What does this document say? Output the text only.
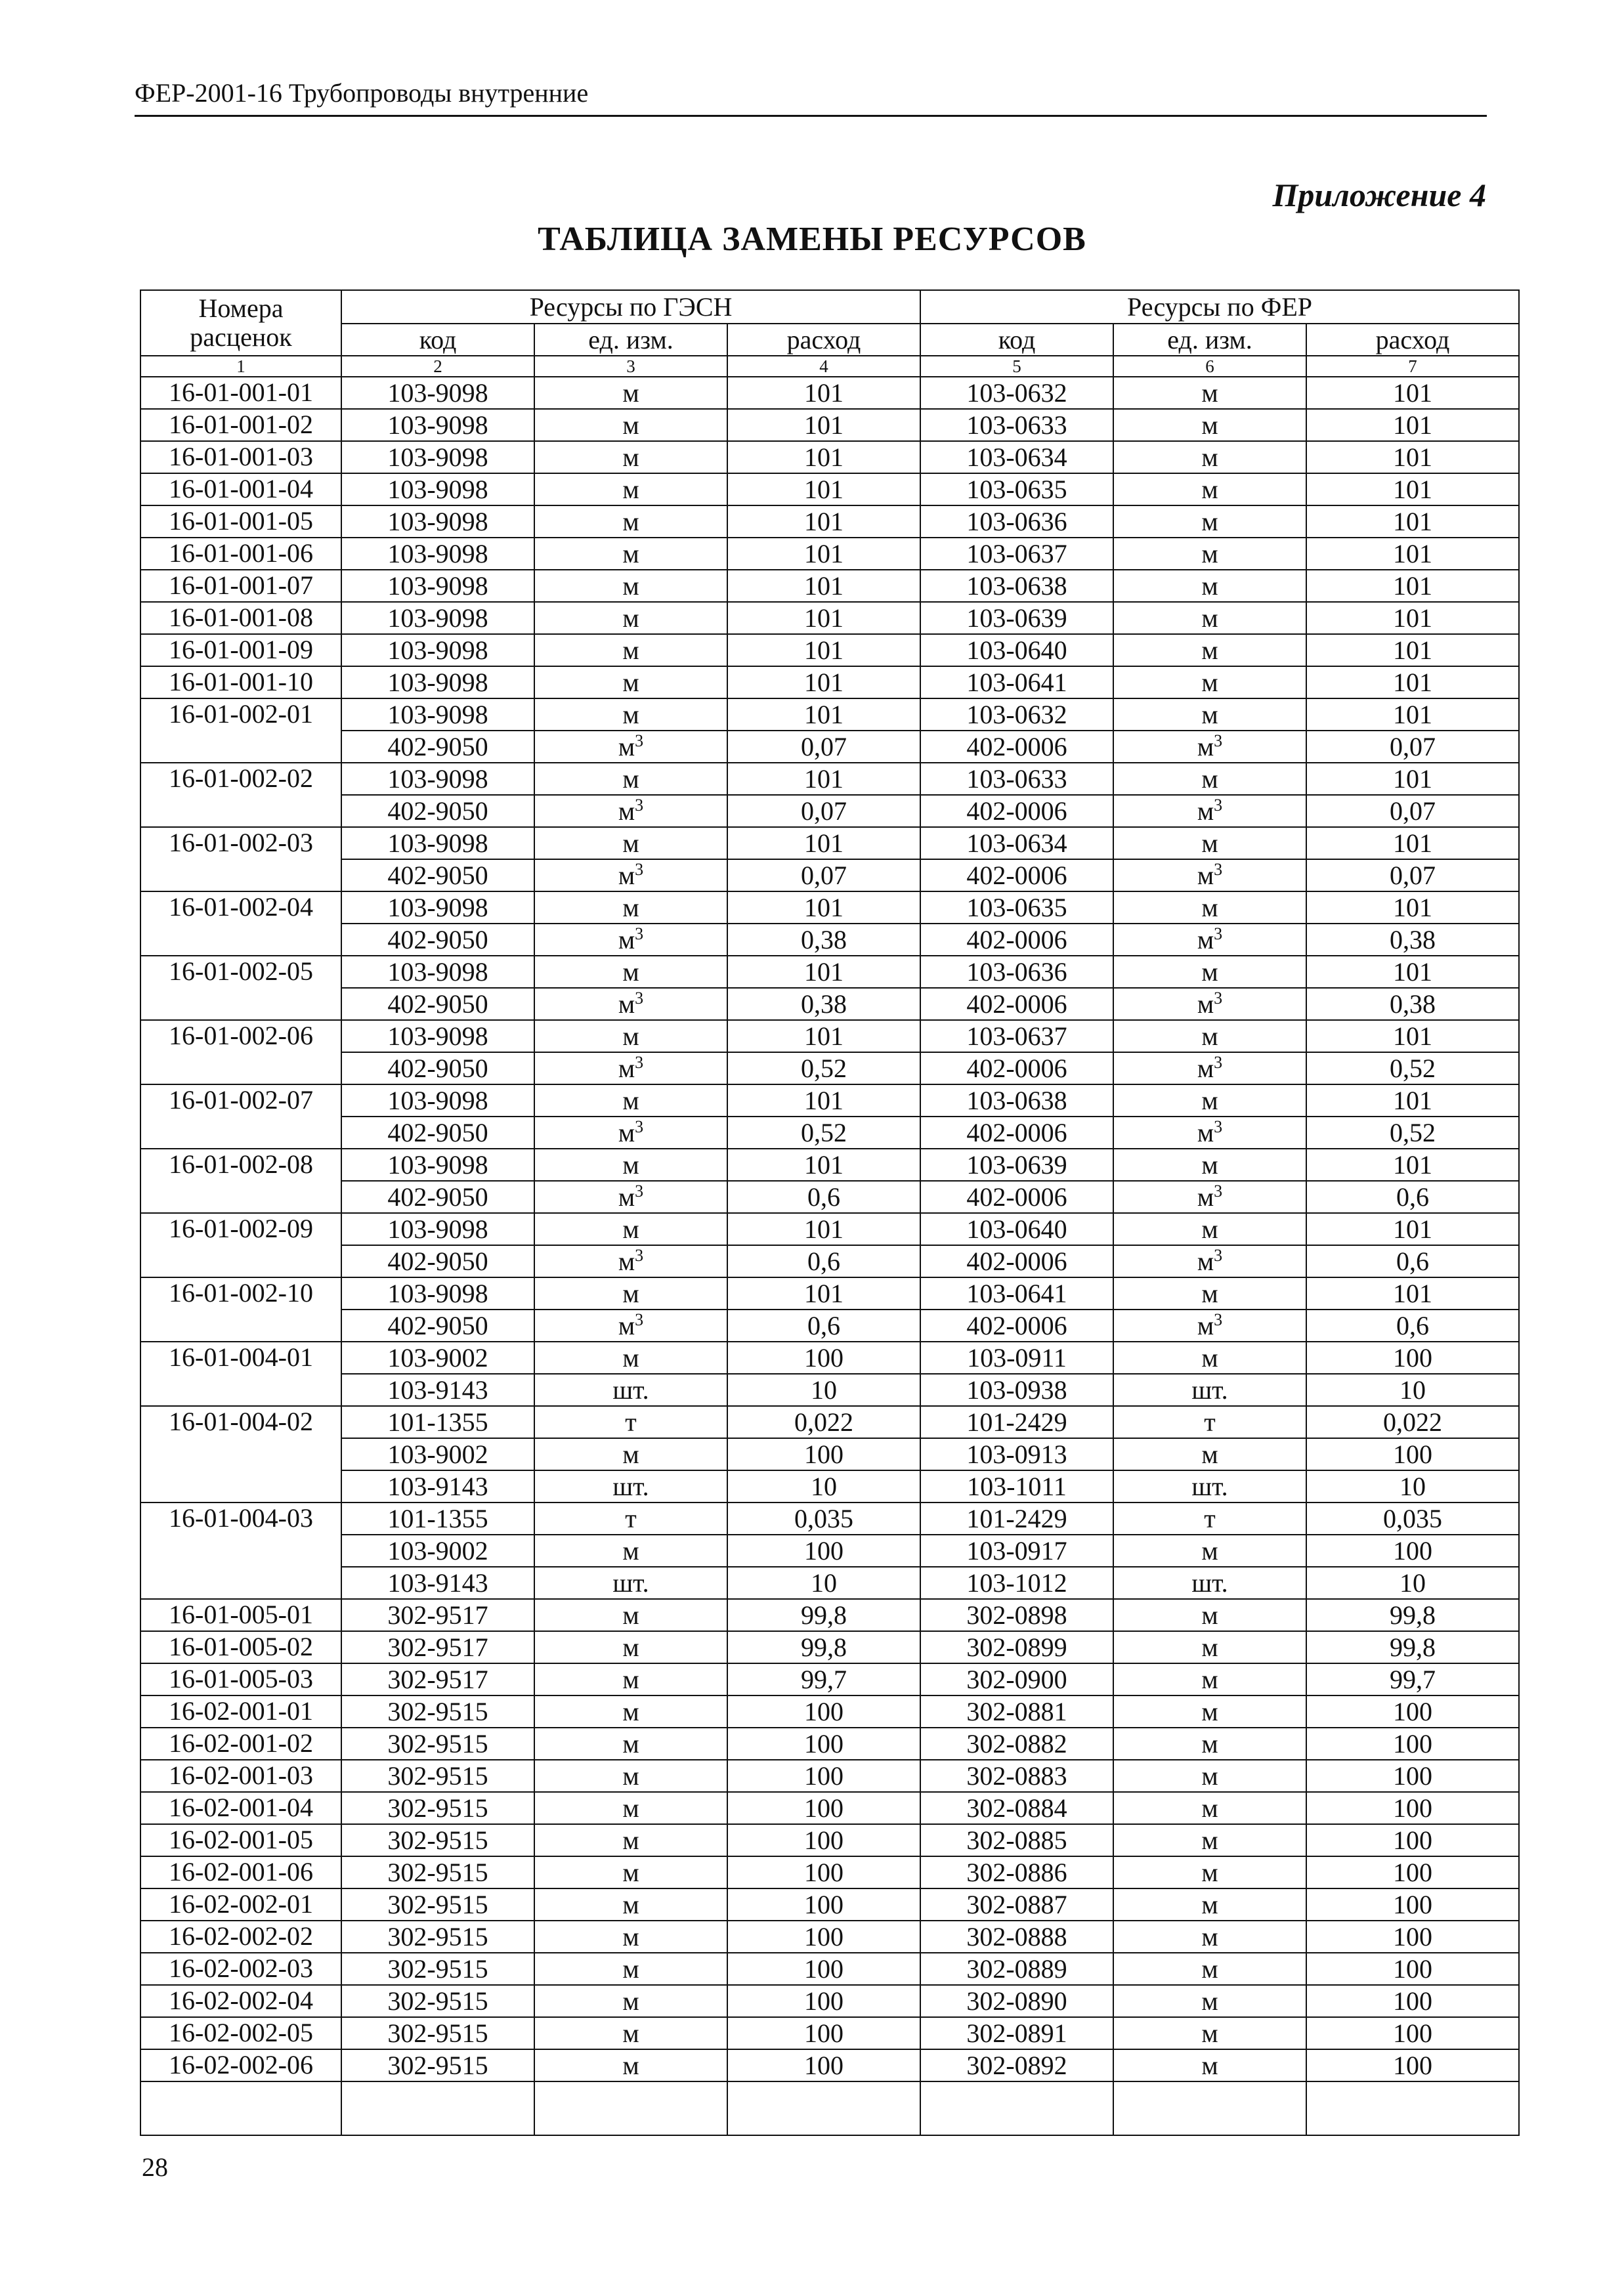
ФЕР-2001-16 Трубопроводы внутренние
Приложение 4
ТАБЛИЦА ЗАМЕНЫ РЕСУРСОВ
Номера
расценок	Ресурсы по ГЭСН			Ресурсы по ФЕР		
	код	ед. изм.	расход	код	ед. изм.	расход
1	2	3	4	5	6	7
16-01-001-01	103-9098	м	101	103-0632	м	101
16-01-001-02	103-9098	м	101	103-0633	м	101
16-01-001-03	103-9098	м	101	103-0634	м	101
16-01-001-04	103-9098	м	101	103-0635	м	101
16-01-001-05	103-9098	м	101	103-0636	м	101
16-01-001-06	103-9098	м	101	103-0637	м	101
16-01-001-07	103-9098	м	101	103-0638	м	101
16-01-001-08	103-9098	м	101	103-0639	м	101
16-01-001-09	103-9098	м	101	103-0640	м	101
16-01-001-10	103-9098	м	101	103-0641	м	101
16-01-002-01	103-9098	м	101	103-0632	м	101
	402-9050	$м^3$	0,07	402-0006	$м^3$	0,07
16-01-002-02	103-9098	м	101	103-0633	м	101
	402-9050	$м^3$	0,07	402-0006	$м^3$	0,07
16-01-002-03	103-9098	м	101	103-0634	м	101
	402-9050	$м^3$	0,07	402-0006	$м^3$	0,07
16-01-002-04	103-9098	м	101	103-0635	м	101
	402-9050	$м^3$	0,38	402-0006	$м^3$	0,38
16-01-002-05	103-9098	м	101	103-0636	м	101
	402-9050	$м^3$	0,38	402-0006	$м^3$	0,38
16-01-002-06	103-9098	м	101	103-0637	м	101
	402-9050	$м^3$	0,52	402-0006	$м^3$	0,52
16-01-002-07	103-9098	м	101	103-0638	м	101
	402-9050	$м^3$	0,52	402-0006	$м^3$	0,52
16-01-002-08	103-9098	м	101	103-0639	м	101
	402-9050	$м^3$	0,6	402-0006	$м^3$	0,6
16-01-002-09	103-9098	м	101	103-0640	м	101
	402-9050	$м^3$	0,6	402-0006	$м^3$	0,6
16-01-002-10	103-9098	м	101	103-0641	м	101
	402-9050	$м^3$	0,6	402-0006	$м^3$	0,6
16-01-004-01	103-9002	м	100	103-0911	м	100
	103-9143	шт.	10	103-0938	шт.	10
16-01-004-02	101-1355	т	0,022	101-2429	т	0,022
	103-9002	м	100	103-0913	м	100
	103-9143	шт.	10	103-1011	шт.	10
16-01-004-03	101-1355	т	0,035	101-2429	т	0,035
	103-9002	м	100	103-0917	м	100
	103-9143	шт.	10	103-1012	шт.	10
16-01-005-01	302-9517	м	99,8	302-0898	м	99,8
16-01-005-02	302-9517	м	99,8	302-0899	м	99,8
16-01-005-03	302-9517	м	99,7	302-0900	м	99,7
16-02-001-01	302-9515	м	100	302-0881	м	100
16-02-001-02	302-9515	м	100	302-0882	м	100
16-02-001-03	302-9515	м	100	302-0883	м	100
16-02-001-04	302-9515	м	100	302-0884	м	100
16-02-001-05	302-9515	м	100	302-0885	м	100
16-02-001-06	302-9515	м	100	302-0886	м	100
16-02-002-01	302-9515	м	100	302-0887	м	100
16-02-002-02	302-9515	м	100	302-0888	м	100
16-02-002-03	302-9515	м	100	302-0889	м	100
16-02-002-04	302-9515	м	100	302-0890	м	100
16-02-002-05	302-9515	м	100	302-0891	м	100
16-02-002-06	302-9515	м	100	302-0892	м	100

28
